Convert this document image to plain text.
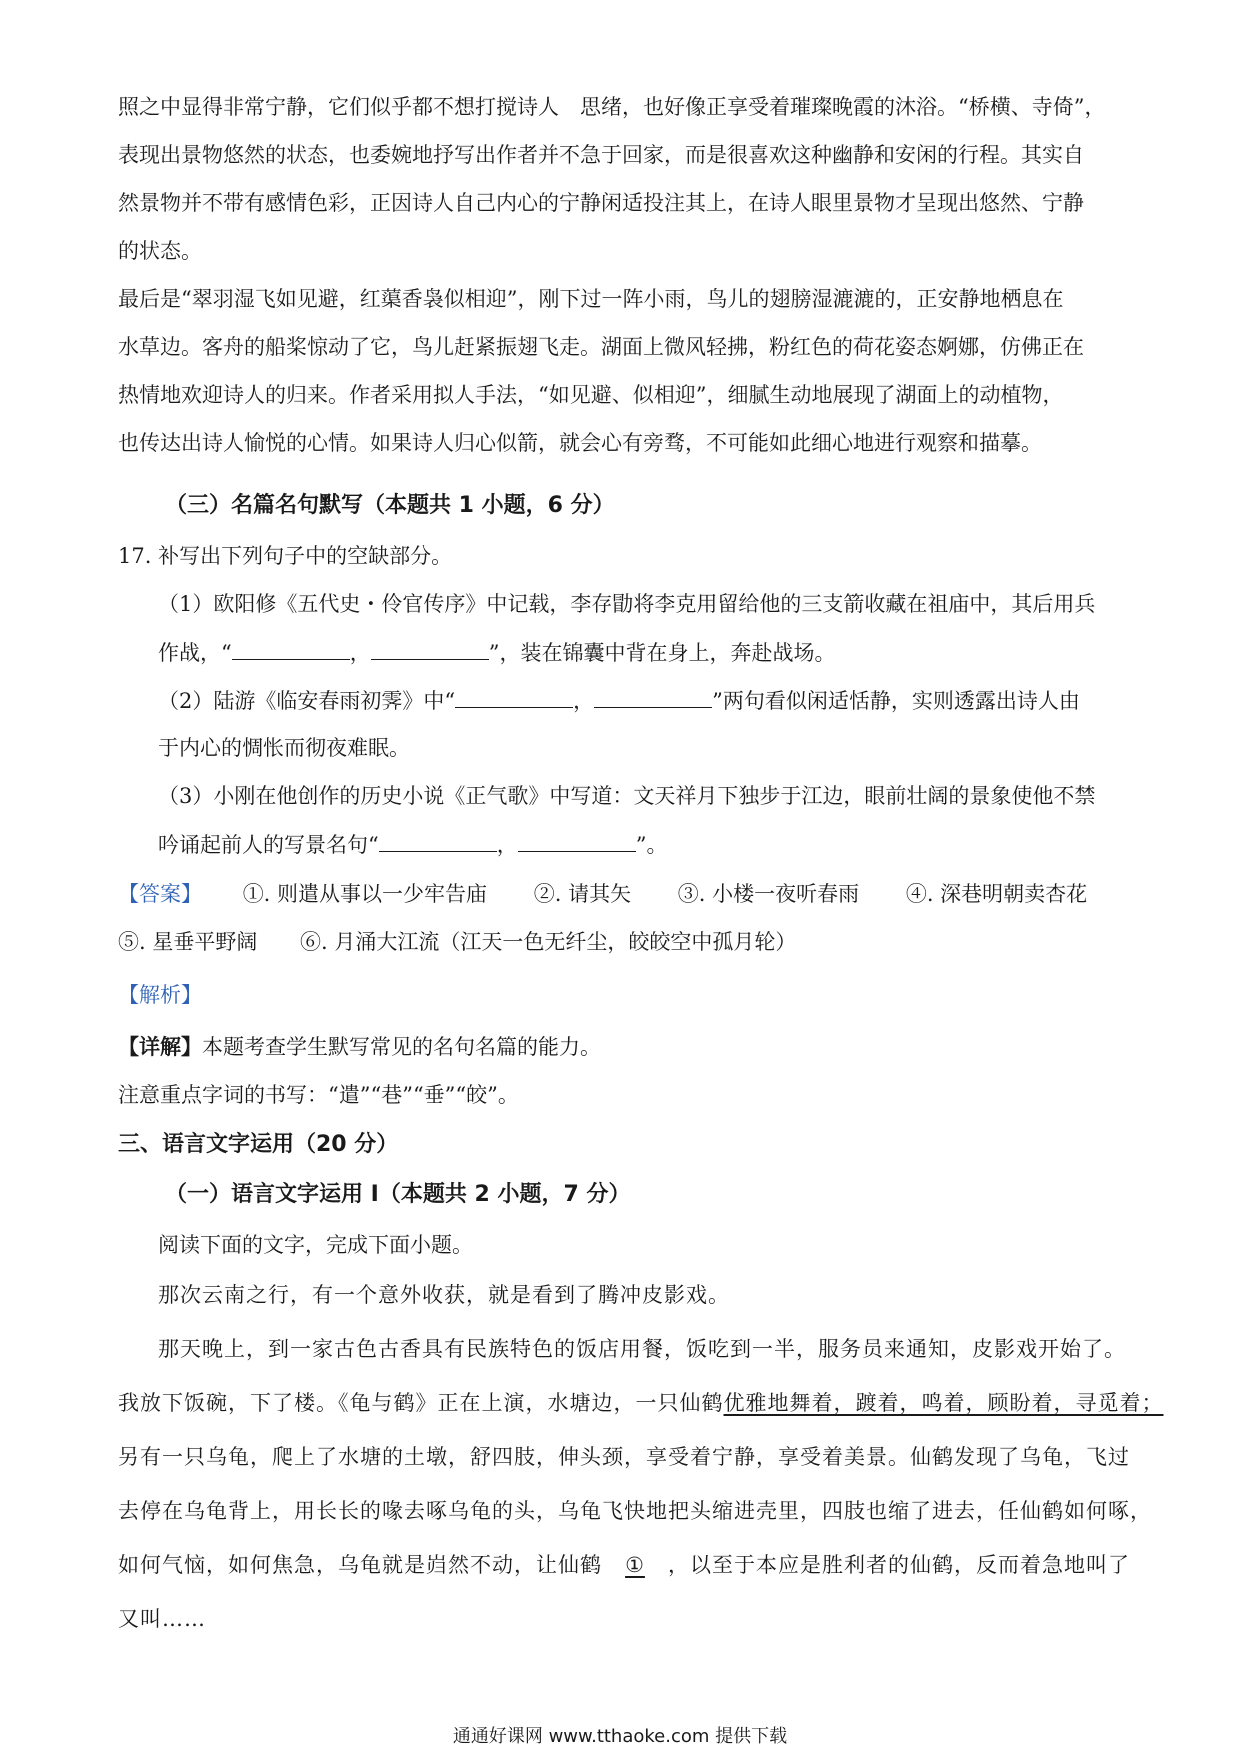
照之中显得非常宁静，它们似乎都不想打搅诗人　思绪，也好像正享受着璀璨晚霞的沐浴。“桥横、寺倚”，
表现出景物悠然的状态，也委婉地抒写出作者并不急于回家，而是很喜欢这种幽静和安闲的行程。其实自
然景物并不带有感情色彩，正因诗人自己内心的宁静闲适投注其上，在诗人眼里景物才呈现出悠然、宁静
的状态。
最后是“翠羽湿飞如见避，红蕖香袅似相迎”，刚下过一阵小雨，鸟儿的翅膀湿漉漉的，正安静地栖息在
水草边。客舟的船桨惊动了它，鸟儿赶紧振翅飞走。湖面上微风轻拂，粉红色的荷花姿态婀娜，仿佛正在
热情地欢迎诗人的归来。作者采用拟人手法，“如见避、似相迎”，细腻生动地展现了湖面上的动植物，
也传达出诗人愉悦的心情。如果诗人归心似箭，就会心有旁骛，不可能如此细心地进行观察和描摹。
（三）名篇名句默写（本题共 1 小题，6 分）
17. 补写出下列句子中的空缺部分。
（1）欧阳修《五代史・伶官传序》中记载，李存勖将李克用留给他的三支箭收藏在祖庙中，其后用兵
作战，“	，	”，装在锦囊中背在身上，奔赴战场。
（2）陆游《临安春雨初霁》中“	，	”两句看似闲适恬静，实则透露出诗人由
于内心的惆怅而彻夜难眠。
（3）小刚在他创作的历史小说《正气歌》中写道：文天祥月下独步于江边，眼前壮阔的景象使他不禁
吟诵起前人的写景名句“	，	”。
【答案】 ①. 则遣从事以一少牢告庙 ②. 请其矢 ③. 小楼一夜听春雨 ④. 深巷明朝卖杏花
⑤. 星垂平野阔 ⑥. 月涌大江流（江天一色无纤尘，皎皎空中孤月轮）
【解析】
【详解】本题考查学生默写常见的名句名篇的能力。
注意重点字词的书写：“遣”“巷”“垂”“皎”。
三、语言文字运用（20 分）
（一）语言文字运用 I（本题共 2 小题，7 分）
阅读下面的文字，完成下面小题。
那次云南之行，有一个意外收获，就是看到了腾冲皮影戏。
那天晚上，到一家古色古香具有民族特色的饭店用餐，饭吃到一半，服务员来通知，皮影戏开始了。
我放下饭碗，下了楼。《龟与鹤》正在上演，水塘边，一只仙鹤优雅地舞着，踱着，鸣着，顾盼着，寻觅着；
另有一只乌龟，爬上了水塘的土墩，舒四肢，伸头颈，享受着宁静，享受着美景。仙鹤发现了乌龟，飞过
去停在乌龟背上，用长长的喙去啄乌龟的头，乌龟飞快地把头缩进壳里，四肢也缩了进去，任仙鹤如何啄，
如何气恼，如何焦急，乌龟就是岿然不动，让仙鹤 ① ，以至于本应是胜利者的仙鹤，反而着急地叫了
又叫……
通通好课网 www.tthaoke.com 提供下载
